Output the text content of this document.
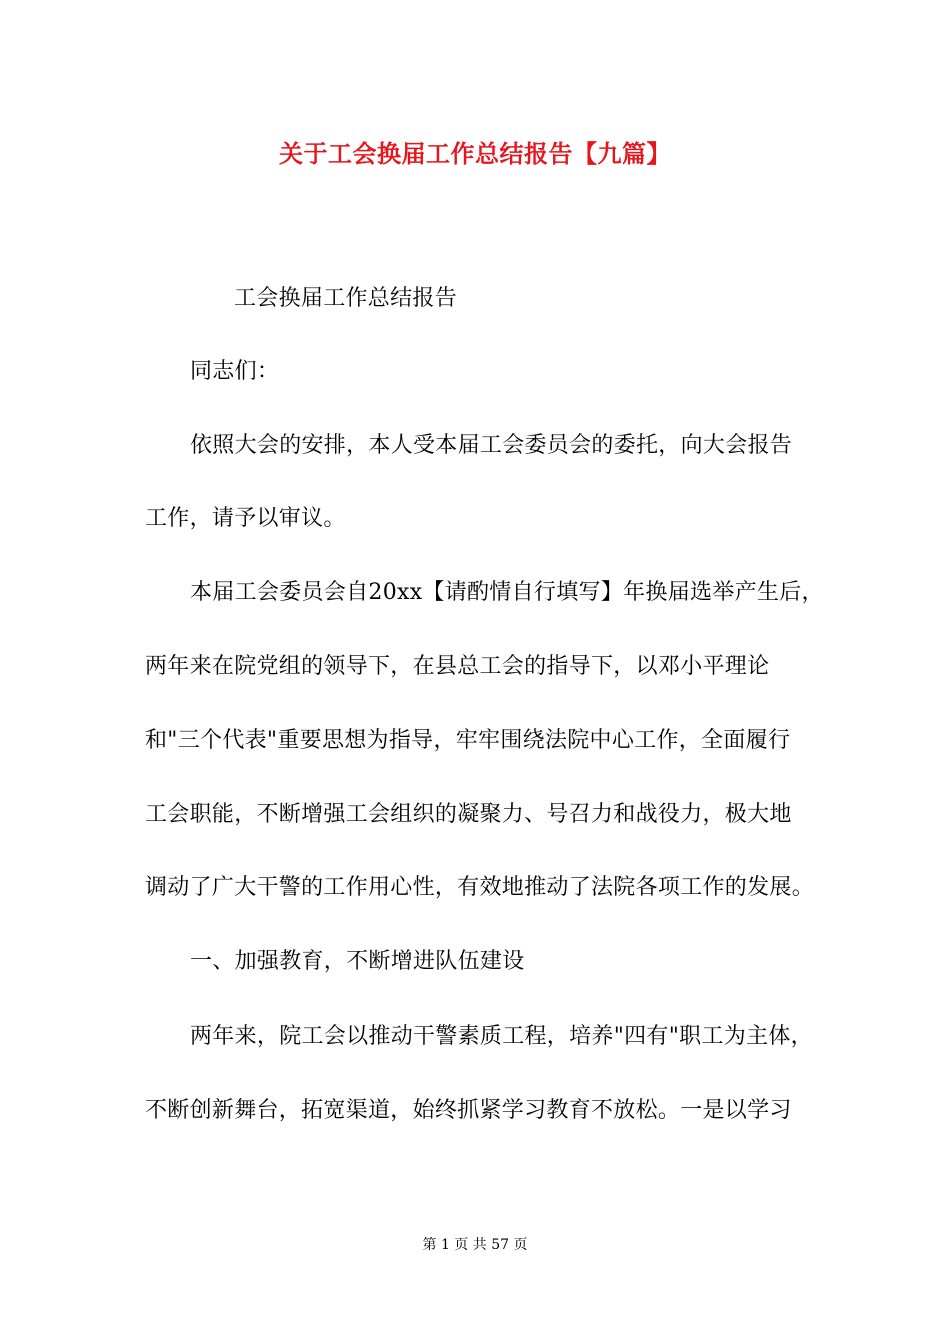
关于工会换届工作总结报告【九篇】
工会换届工作总结报告
同志们：
依照大会的安排，本人受本届工会委员会的委托，向大会报告
工作，请予以审议。
本届工会委员会自20xx【请酌情自行填写】年换届选举产生后，
两年来在院党组的领导下，在县总工会的指导下，以邓小平理论
和"三个代表"重要思想为指导，牢牢围绕法院中心工作，全面履行
工会职能，不断增强工会组织的凝聚力、号召力和战役力，极大地
调动了广大干警的工作用心性，有效地推动了法院各项工作的发展。
一、加强教育，不断增进队伍建设
两年来，院工会以推动干警素质工程，培养"四有"职工为主体，
不断创新舞台，拓宽渠道，始终抓紧学习教育不放松。一是以学习
第 1 页 共 57 页
